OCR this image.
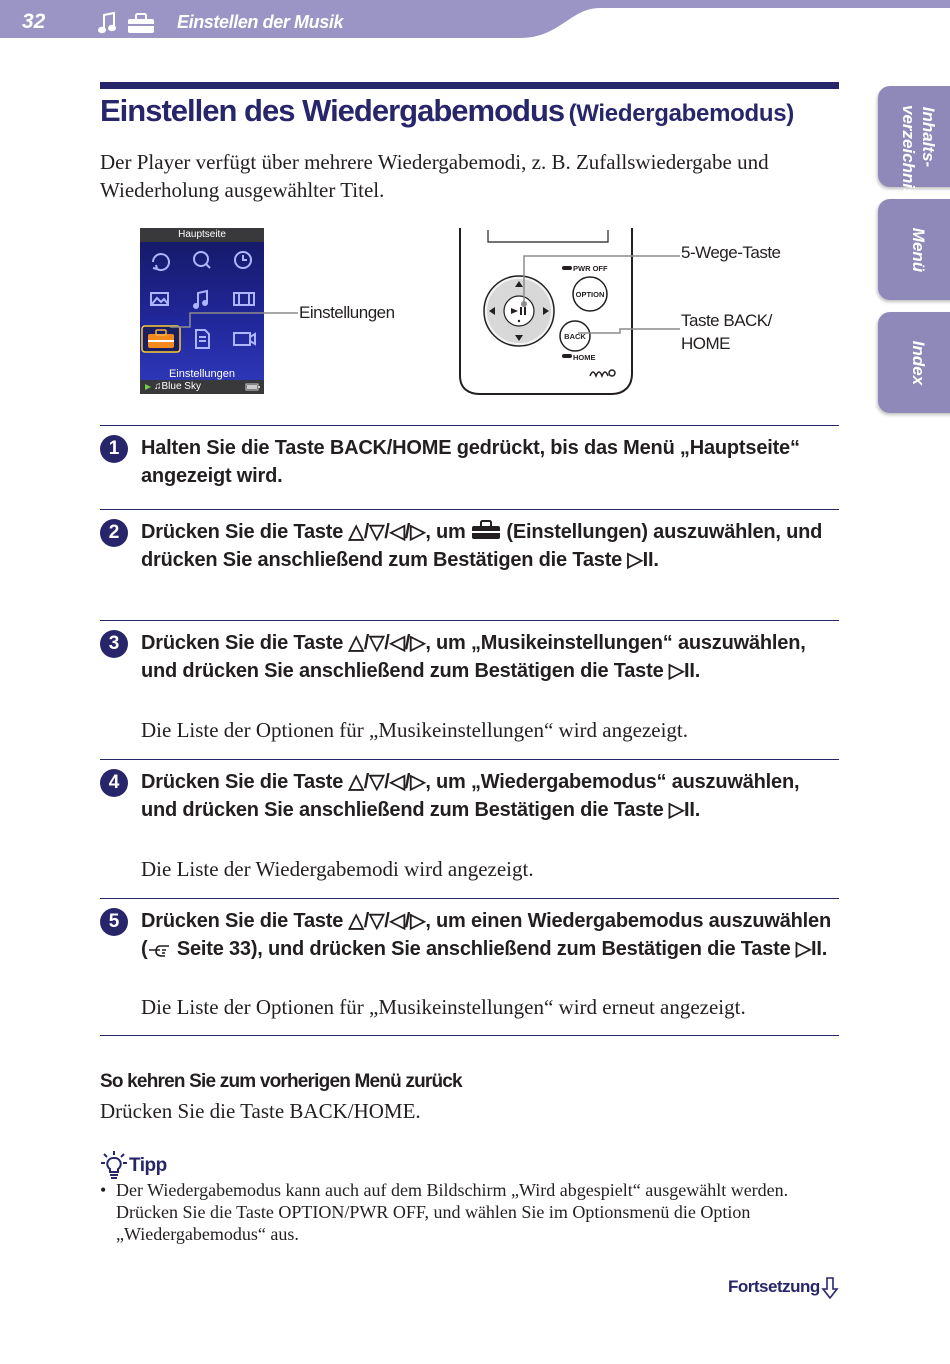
32	Einstellen der Musik
Inhalts-
verzeichnis
Menü
Index
Einstellen des Wiedergabemodus (Wiedergabemodus)
Der Player verfügt über mehrere Wiedergabemodi, z. B. Zufallswiedergabe und Wiederholung ausgewählter Titel.
Hauptseite
Einstellungen
♫Blue Sky
Einstellungen
PWR OFF
OPTION
BACK
HOME
5-Wege-Taste
Taste BACK/
HOME
1	Halten Sie die Taste BACK/HOME gedrückt, bis das Menü „Hauptseite“ angezeigt wird.
2	Drücken Sie die Taste △/▽/◁/▷, um  (Einstellungen) auszuwählen, und drücken Sie anschließend zum Bestätigen die Taste ▷II.
3	Drücken Sie die Taste △/▽/◁/▷, um „Musikeinstellungen“ auszuwählen, und drücken Sie anschließend zum Bestätigen die Taste ▷II.
Die Liste der Optionen für „Musikeinstellungen“ wird angezeigt.
4	Drücken Sie die Taste △/▽/◁/▷, um „Wiedergabemodus“ auszuwählen, und drücken Sie anschließend zum Bestätigen die Taste ▷II.
Die Liste der Wiedergabemodi wird angezeigt.
5	Drücken Sie die Taste △/▽/◁/▷, um einen Wiedergabemodus auszuwählen ( Seite 33), und drücken Sie anschließend zum Bestätigen die Taste ▷II.
Die Liste der Optionen für „Musikeinstellungen“ wird erneut angezeigt.
So kehren Sie zum vorherigen Menü zurück
Drücken Sie die Taste BACK/HOME.
Tipp
• Der Wiedergabemodus kann auch auf dem Bildschirm „Wird abgespielt“ ausgewählt werden. Drücken Sie die Taste OPTION/PWR OFF, und wählen Sie im Optionsmenü die Option „Wiedergabemodus“ aus.
Fortsetzung
